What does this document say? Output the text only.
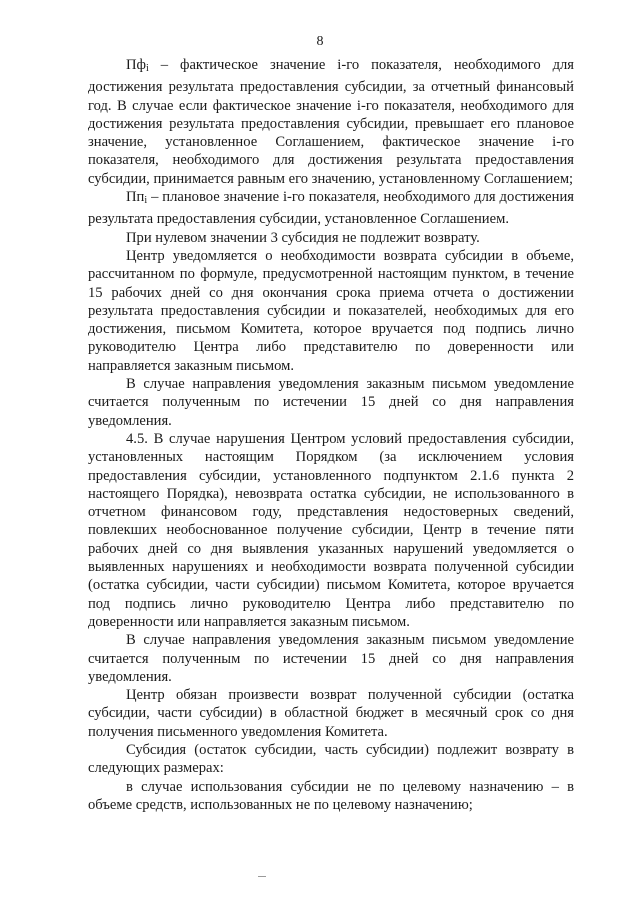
8

$Пф_i$ – фактическое значение i-го показателя, необходимого для достижения результата предоставления субсидии, за отчетный финансовый год. В случае если фактическое значение i-го показателя, необходимого для достижения результата предоставления субсидии, превышает его плановое значение, установленное Соглашением, фактическое значение i-го показателя, необходимого для достижения результата предоставления субсидии, принимается равным его значению, установленному Соглашением;

$Пп_i$ – плановое значение i-го показателя, необходимого для достижения результата предоставления субсидии, установленное Соглашением.

При нулевом значении 3 субсидия не подлежит возврату.

Центр уведомляется о необходимости возврата субсидии в объеме, рассчитанном по формуле, предусмотренной настоящим пунктом, в течение 15 рабочих дней со дня окончания срока приема отчета о достижении результата предоставления субсидии и показателей, необходимых для его достижения, письмом Комитета, которое вручается под подпись лично руководителю Центра либо представителю по доверенности или направляется заказным письмом.

В случае направления уведомления заказным письмом уведомление считается полученным по истечении 15 дней со дня направления уведомления.

4.5. В случае нарушения Центром условий предоставления субсидии, установленных настоящим Порядком (за исключением условия предоставления субсидии, установленного подпунктом 2.1.6 пункта 2 настоящего Порядка), невозврата остатка субсидии, не использованного в отчетном финансовом году, представления недостоверных сведений, повлекших необоснованное получение субсидии, Центр в течение пяти рабочих дней со дня выявления указанных нарушений уведомляется о выявленных нарушениях и необходимости возврата полученной субсидии (остатка субсидии, части субсидии) письмом Комитета, которое вручается под подпись лично руководителю Центра либо представителю по доверенности или направляется заказным письмом.

В случае направления уведомления заказным письмом уведомление считается полученным по истечении 15 дней со дня направления уведомления.

Центр обязан произвести возврат полученной субсидии (остатка субсидии, части субсидии) в областной бюджет в месячный срок со дня получения письменного уведомления Комитета.

Субсидия (остаток субсидии, часть субсидии) подлежит возврату в следующих размерах:

в случае использования субсидии не по целевому назначению – в объеме средств, использованных не по целевому назначению;
